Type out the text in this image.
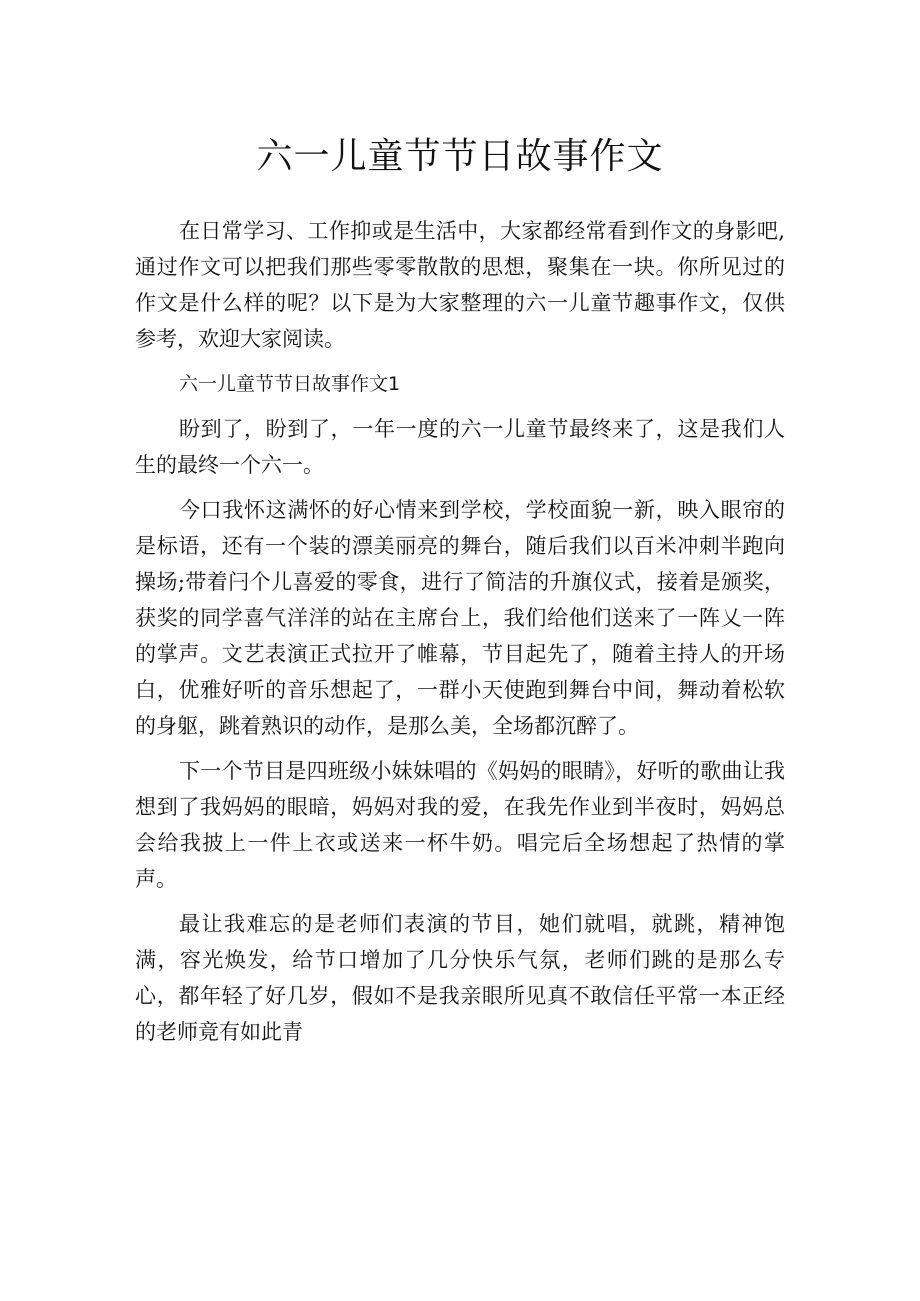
六一儿童节节日故事作文

在日常学习、工作抑或是生活中，大家都经常看到作文的身影吧,通过作文可以把我们那些零零散散的思想，聚集在一块。你所见过的作文是什么样的呢？以下是为大家整理的六一儿童节趣事作文，仅供参考，欢迎大家阅读。

六一儿童节节日故事作文1

盼到了，盼到了，一年一度的六一儿童节最终来了，这是我们人生的最终一个六一。

今口我怀这满怀的好心情来到学校，学校面貌一新，映入眼帘的是标语，还有一个装的漂美丽亮的舞台，随后我们以百米冲刺半跑向操场;带着闩个儿喜爱的零食，进行了简洁的升旗仪式，接着是颁奖，获奖的同学喜气洋洋的站在主席台上，我们给他们送来了一阵乂一阵的掌声。文艺表演正式拉开了帷幕，节目起先了，随着主持人的开场白，优雅好听的音乐想起了，一群小天使跑到舞台中间，舞动着松软的身躯，跳着熟识的动作，是那么美，全场都沉醉了。

下一个节目是四班级小妹妹唱的《妈妈的眼睛》，好听的歌曲让我想到了我妈妈的眼暗，妈妈对我的爱，在我先作业到半夜时，妈妈总会给我披上一件上衣或送来一杯牛奶。唱完后全场想起了热情的掌声。

最让我难忘的是老师们表演的节目，她们就唱，就跳，精神饱满，容光焕发，给节口增加了几分快乐气氛，老师们跳的是那么专心，都年轻了好几岁，假如不是我亲眼所见真不敢信任平常一本正经的老师竟有如此青
